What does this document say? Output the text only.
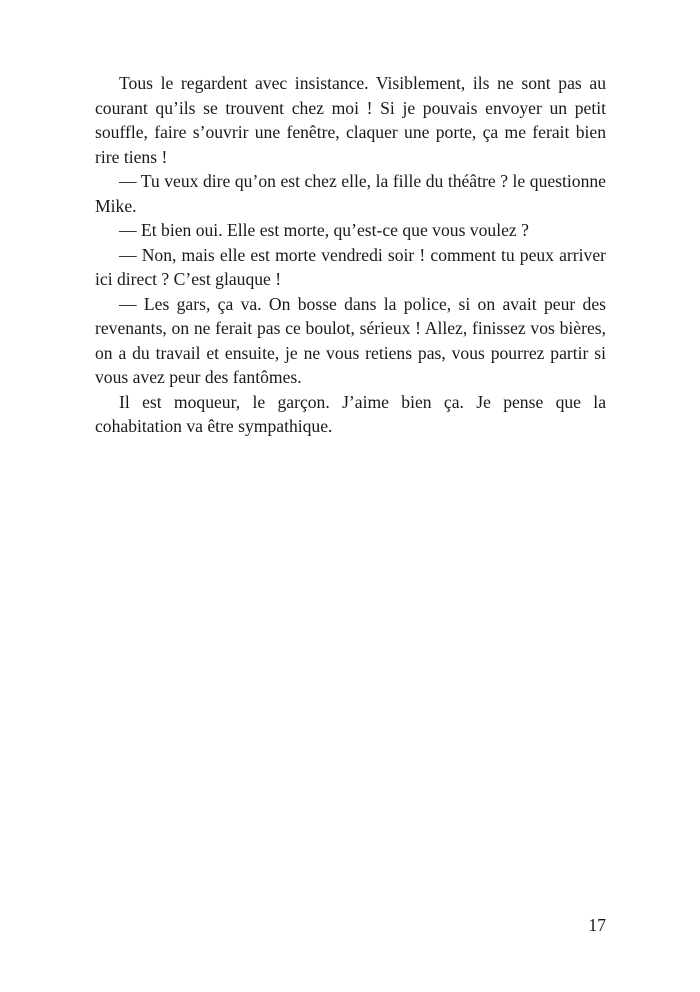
Tous le regardent avec insistance. Visiblement, ils ne sont pas au courant qu’ils se trouvent chez moi ! Si je pouvais envoyer un petit souffle, faire s’ouvrir une fenêtre, claquer une porte, ça me ferait bien rire tiens !

— Tu veux dire qu’on est chez elle, la fille du théâtre ? le questionne Mike.

— Et bien oui. Elle est morte, qu’est-ce que vous voulez ?

— Non, mais elle est morte vendredi soir ! comment tu peux arriver ici direct ? C’est glauque !

— Les gars, ça va. On bosse dans la police, si on avait peur des revenants, on ne ferait pas ce boulot, sérieux ! Allez, finissez vos bières, on a du travail et ensuite, je ne vous retiens pas, vous pourrez partir si vous avez peur des fantômes.

Il est moqueur, le garçon. J’aime bien ça. Je pense que la cohabitation va être sympathique.

17
